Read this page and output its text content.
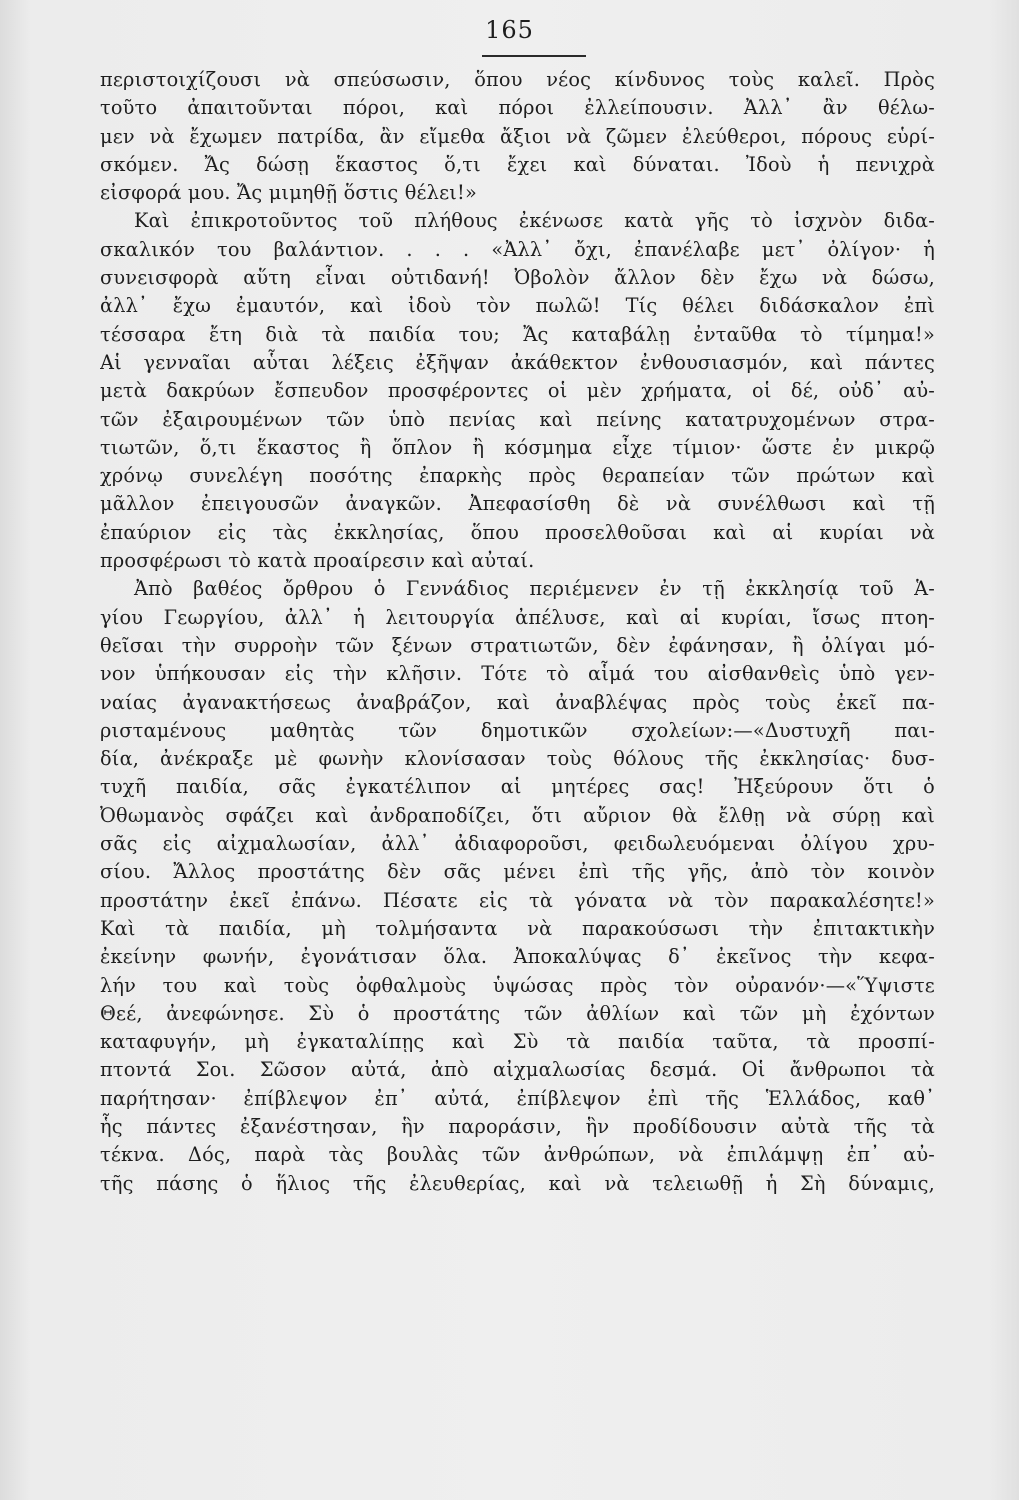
165
περιστοιχίζουσι νὰ σπεύσωσιν, ὅπου νέος κίνδυνος τοὺς καλεῖ. Πρὸς
τοῦτο ἀπαιτοῦνται πόροι, καὶ πόροι ἐλλείπουσιν. Ἀλλ᾽ ἂν θέλω-
μεν νὰ ἔχωμεν πατρίδα, ἂν εἴμεθα ἄξιοι νὰ ζῶμεν ἐλεύθεροι, πόρους εὑρί-
σκόμεν. Ἄς δώσῃ ἕκαστος ὅ,τι ἔχει καὶ δύναται. Ἰδοὺ ἡ πενιχρὰ
εἰσφορά μου. Ἄς μιμηθῇ ὅστις θέλει!»
Καὶ ἐπικροτοῦντος τοῦ πλήθους ἐκένωσε κατὰ γῆς τὸ ἰσχνὸν διδα-
σκαλικόν του βαλάντιον. . . . «Ἀλλ᾽ ὄχι, ἐπανέλαβε μετ᾽ ὀλίγον· ἡ
συνεισφορὰ αὕτη εἶναι οὐτιδανή! Ὀβολὸν ἄλλον δὲν ἔχω νὰ δώσω,
ἀλλ᾽ ἔχω ἐμαυτόν, καὶ ἰδοὺ τὸν πωλῶ! Τίς θέλει διδάσκαλον ἐπὶ
τέσσαρα ἔτη διὰ τὰ παιδία του; Ἄς καταβάλῃ ἐνταῦθα τὸ τίμημα!»
Αἱ γενναῖαι αὗται λέξεις ἐξῆψαν ἀκάθεκτον ἐνθουσιασμόν, καὶ πάντες
μετὰ δακρύων ἔσπευδον προσφέροντες οἱ μὲν χρήματα, οἱ δέ, οὐδ᾽ αὐ-
τῶν ἐξαιρουμένων τῶν ὑπὸ πενίας καὶ πείνης κατατρυχομένων στρα-
τιωτῶν, ὅ,τι ἕκαστος ἢ ὅπλον ἢ κόσμημα εἶχε τίμιον· ὥστε ἐν μικρῷ
χρόνῳ συνελέγη ποσότης ἐπαρκὴς πρὸς θεραπείαν τῶν πρώτων καὶ
μᾶλλον ἐπειγουσῶν ἀναγκῶν. Ἀπεφασίσθη δὲ νὰ συνέλθωσι καὶ τῇ
ἐπαύριον εἰς τὰς ἐκκλησίας, ὅπου προσελθοῦσαι καὶ αἱ κυρίαι νὰ
προσφέρωσι τὸ κατὰ προαίρεσιν καὶ αὐταί.
Ἀπὸ βαθέος ὄρθρου ὁ Γεννάδιος περιέμενεν ἐν τῇ ἐκκλησίᾳ τοῦ Ἁ-
γίου Γεωργίου, ἀλλ᾽ ἡ λειτουργία ἀπέλυσε, καὶ αἱ κυρίαι, ἴσως πτοη-
θεῖσαι τὴν συρροὴν τῶν ξένων στρατιωτῶν, δὲν ἐφάνησαν, ἢ ὀλίγαι μό-
νον ὑπήκουσαν εἰς τὴν κλῆσιν. Τότε τὸ αἷμά του αἰσθανθεὶς ὑπὸ γεν-
ναίας ἀγανακτήσεως ἀναβράζον, καὶ ἀναβλέψας πρὸς τοὺς ἐκεῖ πα-
ρισταμένους μαθητὰς τῶν δημοτικῶν σχολείων:—«Δυστυχῆ παι-
δία, ἀνέκραξε μὲ φωνὴν κλονίσασαν τοὺς θόλους τῆς ἐκκλησίας· δυσ-
τυχῆ παιδία, σᾶς ἐγκατέλιπον αἱ μητέρες σας! Ἠξεύρουν ὅτι ὁ
Ὀθωμανὸς σφάζει καὶ ἀνδραποδίζει, ὅτι αὔριον θὰ ἔλθῃ νὰ σύρῃ καὶ
σᾶς εἰς αἰχμαλωσίαν, ἀλλ᾽ ἀδιαφοροῦσι, φειδωλευόμεναι ὀλίγου χρυ-
σίου. Ἄλλος προστάτης δὲν σᾶς μένει ἐπὶ τῆς γῆς, ἀπὸ τὸν κοινὸν
προστάτην ἐκεῖ ἐπάνω. Πέσατε εἰς τὰ γόνατα νὰ τὸν παρακαλέσητε!»
Καὶ τὰ παιδία, μὴ τολμήσαντα νὰ παρακούσωσι τὴν ἐπιτακτικὴν
ἐκείνην φωνήν, ἐγονάτισαν ὅλα. Ἀποκαλύψας δ᾽ ἐκεῖνος τὴν κεφα-
λήν του καὶ τοὺς ὀφθαλμοὺς ὑψώσας πρὸς τὸν οὐρανόν·—«Ὕψιστε
Θεέ, ἀνεφώνησε. Σὺ ὁ προστάτης τῶν ἀθλίων καὶ τῶν μὴ ἐχόντων
καταφυγήν, μὴ ἐγκαταλίπῃς καὶ Σὺ τὰ παιδία ταῦτα, τὰ προσπί-
πτοντά Σοι. Σῶσον αὐτά, ἀπὸ αἰχμαλωσίας δεσμά. Οἱ ἄνθρωποι τὰ
παρήτησαν· ἐπίβλεψον ἐπ᾽ αὐτά, ἐπίβλεψον ἐπὶ τῆς Ἑλλάδος, καθ᾽
ἧς πάντες ἐξανέστησαν, ἣν παροράσιν, ἣν προδίδουσιν αὐτὰ τῆς τὰ
τέκνα. Δός, παρὰ τὰς βουλὰς τῶν ἀνθρώπων, νὰ ἐπιλάμψῃ ἐπ᾽ αὐ-
τῆς πάσης ὁ ἥλιος τῆς ἐλευθερίας, καὶ νὰ τελειωθῇ ἡ Σὴ δύναμις,
